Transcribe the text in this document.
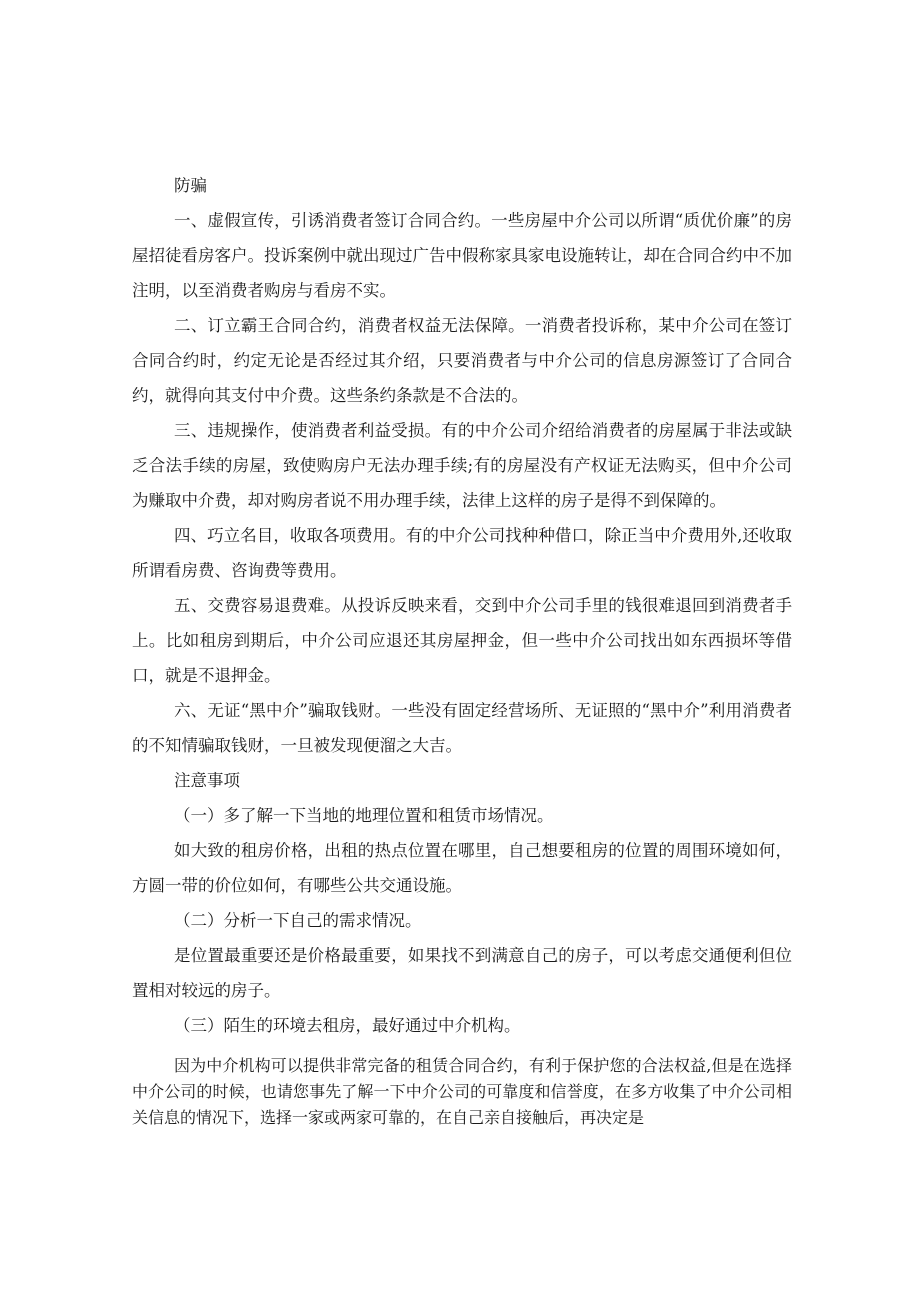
防骗

一、虚假宣传，引诱消费者签订合同合约。一些房屋中介公司以所谓“质优价廉”的房屋招徒看房客户。投诉案例中就出现过广告中假称家具家电设施转让，却在合同合约中不加注明，以至消费者购房与看房不实。

二、订立霸王合同合约，消费者权益无法保障。一消费者投诉称，某中介公司在签订合同合约时，约定无论是否经过其介绍，只要消费者与中介公司的信息房源签订了合同合约，就得向其支付中介费。这些条约条款是不合法的。

三、违规操作，使消费者利益受损。有的中介公司介绍给消费者的房屋属于非法或缺乏合法手续的房屋，致使购房户无法办理手续;有的房屋没有产权证无法购买，但中介公司为赚取中介费，却对购房者说不用办理手续，法律上这样的房子是得不到保障的。

四、巧立名目，收取各项费用。有的中介公司找种种借口，除正当中介费用外,还收取所谓看房费、咨询费等费用。

五、交费容易退费难。从投诉反映来看，交到中介公司手里的钱很难退回到消费者手上。比如租房到期后，中介公司应退还其房屋押金，但一些中介公司找出如东西损坏等借口，就是不退押金。

六、无证“黑中介”骗取钱财。一些没有固定经营场所、无证照的“黑中介”利用消费者的不知情骗取钱财，一旦被发现便溜之大吉。

注意事项

（一）多了解一下当地的地理位置和租赁市场情况。

如大致的租房价格，出租的热点位置在哪里，自己想要租房的位置的周围环境如何，方圆一带的价位如何，有哪些公共交通设施。

（二）分析一下自己的需求情况。

是位置最重要还是价格最重要，如果找不到满意自己的房子，可以考虑交通便利但位置相对较远的房子。

（三）陌生的环境去租房，最好通过中介机构。

因为中介机构可以提供非常完备的租赁合同合约，有利于保护您的合法权益,但是在选择中介公司的时候，也请您事先了解一下中介公司的可靠度和信誉度，在多方收集了中介公司相关信息的情况下，选择一家或两家可靠的，在自己亲自接触后，再决定是
